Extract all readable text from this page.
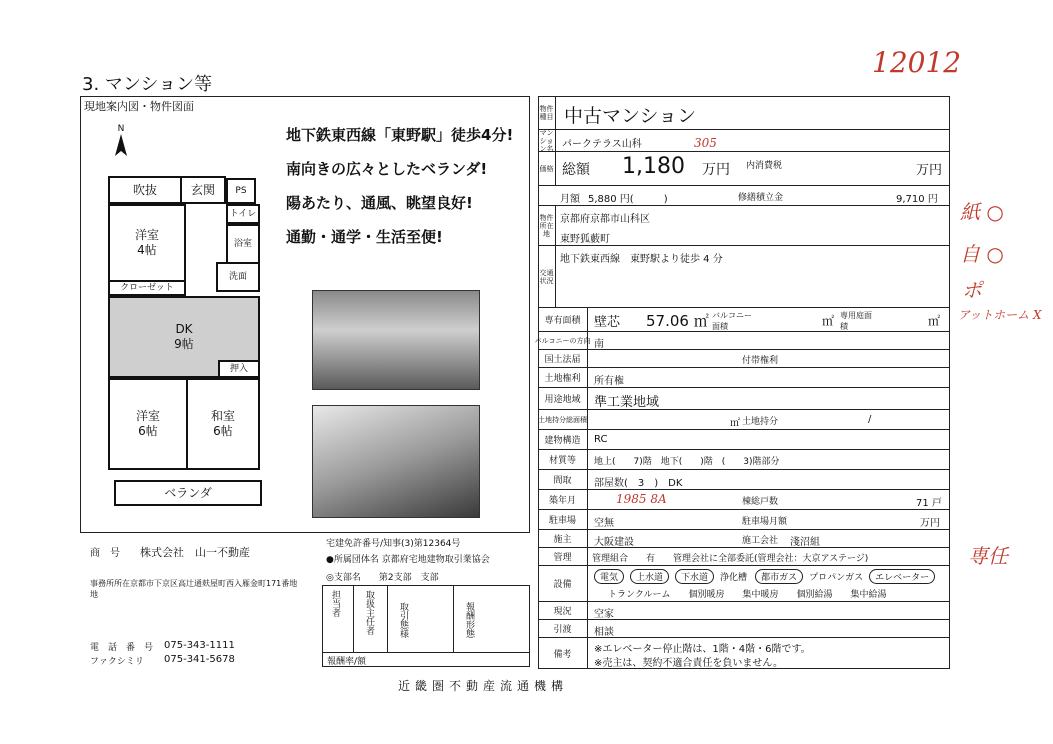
3. マンション等
12012
305
紙 ○
自 ○
ポ
アットホーム X
専任
現地案内図・物件図面
N	地下鉄東西線「東野駅」徒歩4分!
南向きの広々としたベランダ!
陽あたり、通風、眺望良好!
通勤・通学・生活至便!
吹抜	玄関	PS
洋室
4帖
トイレ
浴室
洗面
クローゼット
DK
9帖
押入
洋室
6帖
和室
6帖
ベランダ
商　号 株式会社　山一不動産
事務所所在地
京都市下京区高辻通麸屋町西入雁金町171番地
電　話　番　号 075-343-1111
ファクシミリ 075-341-5678
宅建免許番号/知事(3)第12364号
●所属団体名 京都府宅地建物取引業協会
◎支部名　　第2支部　支部
担当者	取扱主任者	取引態様	報酬形態
報酬率/額
近畿圏不動産流通機構
物件種目 中古マンション
マンション名 パークテラス山科
価格 総額 1,180 万円 内消費税	万円
月額 5,880 円(　　　)	修繕積立金	9,710 円
物件所在地
京都府京都市山科区
東野狐藪町
交通状況
地下鉄東西線　東野駅より徒歩 4 分
専有面積	壁芯 57.06 ㎡ バルコニー面積	㎡ 専用庭面積	㎡
バルコニーの方向 南
国土法届	付帯権利
土地権利	所有権
用途地域	準工業地域
土地持分総面積	㎡ 土地持分	/
建物構造	RC
材質等	地上(　　7)階　地下(　　)階　(　　3)階部分
間取	部屋数(　3　)　DK
築年月	1985 8A	棟総戸数	71 戸
駐車場	空無	駐車場月額	万円
施主	大阪建設	施工会社 淺沼組
管理	管理組合　　有　　管理会社に全部委託(管理会社：大京アステージ)
設備
電気 上水道 下水道 浄化槽 都市ガス プロパンガス エレベーター
トランクルーム　　個別暖房　　集中暖房　　個別給湯　　集中給湯
現況	空家
引渡	相談
備考	※エレベーター停止階は、1階・4階・6階です。
※売主は、契約不適合責任を負いません。
